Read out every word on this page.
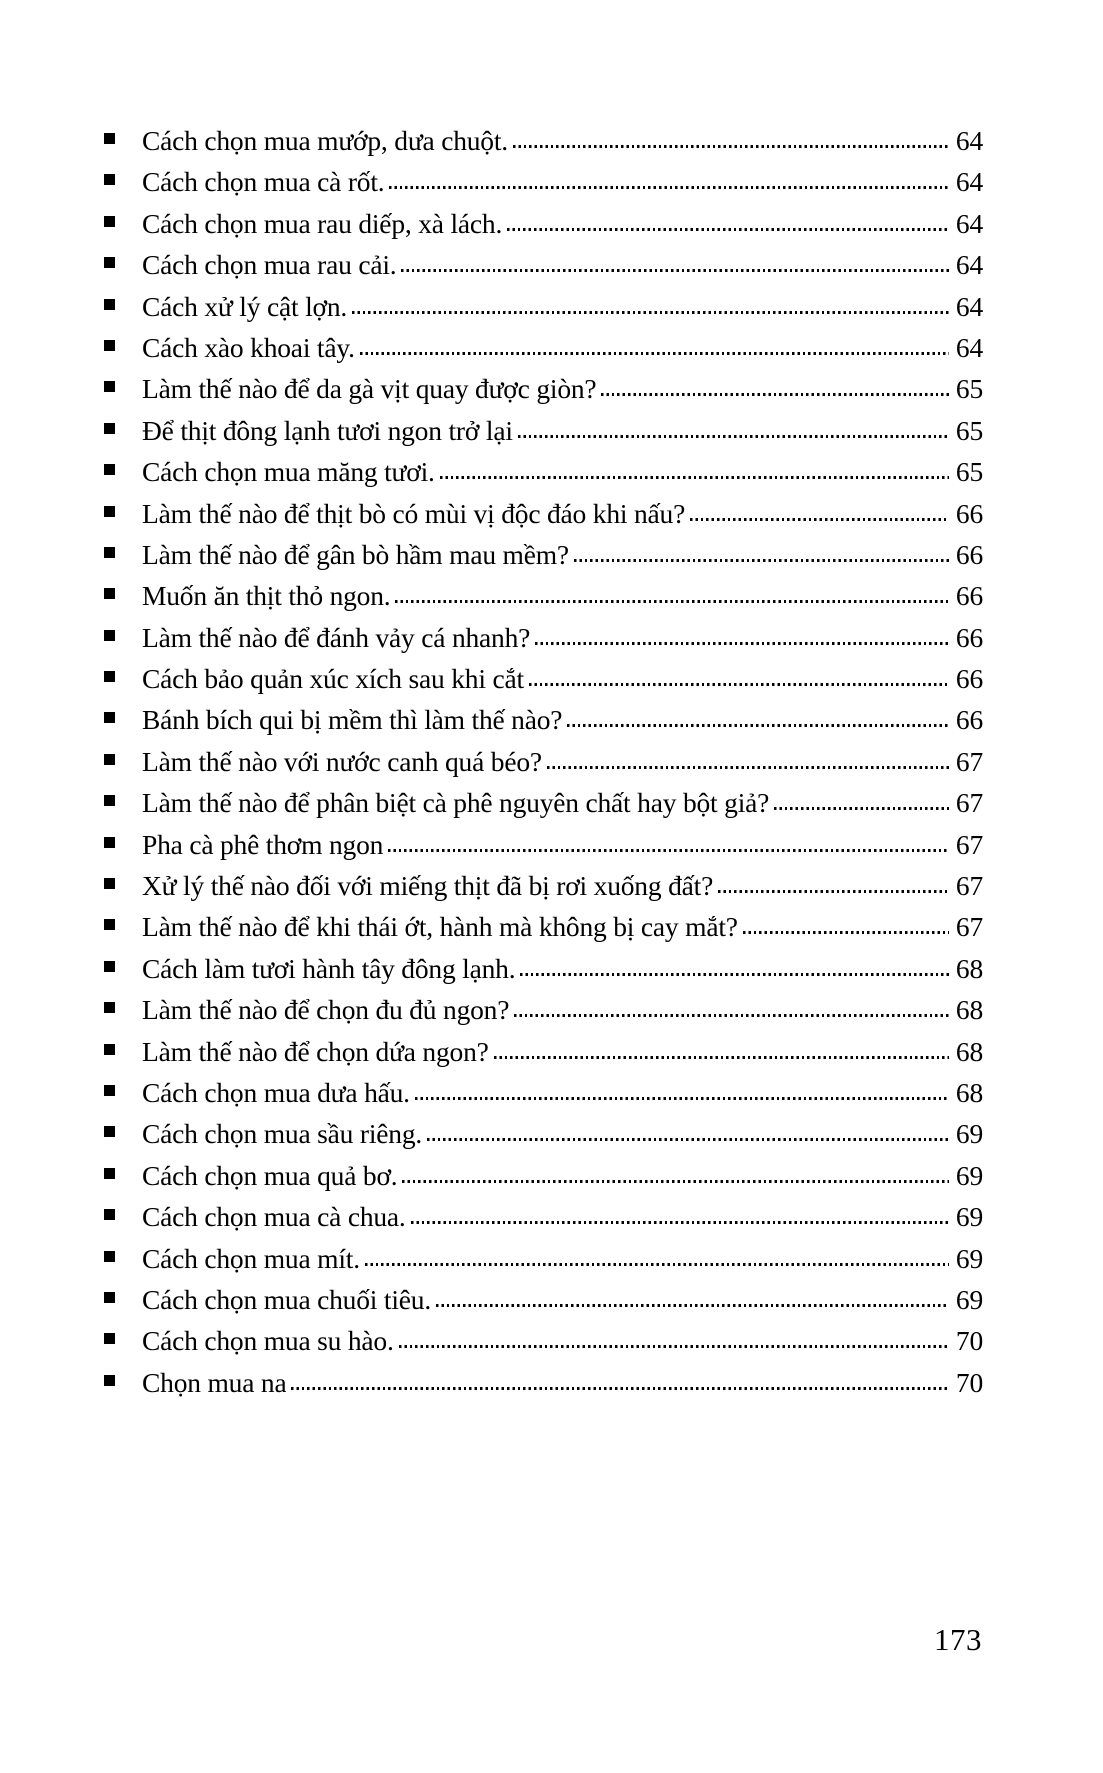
Cách chọn mua mướp, dưa chuột.	64
Cách chọn mua cà rốt.	64
Cách chọn mua rau diếp, xà lách.	64
Cách chọn mua rau cải.	64
Cách xử lý cật lợn.	64
Cách xào khoai tây.	64
Làm thế nào để da gà vịt quay được giòn?	65
Để thịt đông lạnh tươi ngon trở lại	65
Cách chọn mua măng tươi.	65
Làm thế nào để thịt bò có mùi vị độc đáo khi nấu?	66
Làm thế nào để gân bò hầm mau mềm?	66
Muốn ăn thịt thỏ ngon.	66
Làm thế nào để đánh vảy cá nhanh?	66
Cách bảo quản xúc xích sau khi cắt	66
Bánh bích qui bị mềm thì làm thế nào?	66
Làm thế nào với nước canh quá béo?	67
Làm thế nào để phân biệt cà phê nguyên chất hay bột giả?	67
Pha cà phê thơm ngon	67
Xử lý thế nào đối với miếng thịt đã bị rơi xuống đất?	67
Làm thế nào để khi thái ớt, hành mà không bị cay mắt?	67
Cách làm tươi hành tây đông lạnh.	68
Làm thế nào để chọn đu đủ ngon?	68
Làm thế nào để chọn dứa ngon?	68
Cách chọn mua dưa hấu.	68
Cách chọn mua sầu riêng.	69
Cách chọn mua quả bơ.	69
Cách chọn mua cà chua.	69
Cách chọn mua mít.	69
Cách chọn mua chuối tiêu.	69
Cách chọn mua su hào.	70
Chọn mua na	70
173
